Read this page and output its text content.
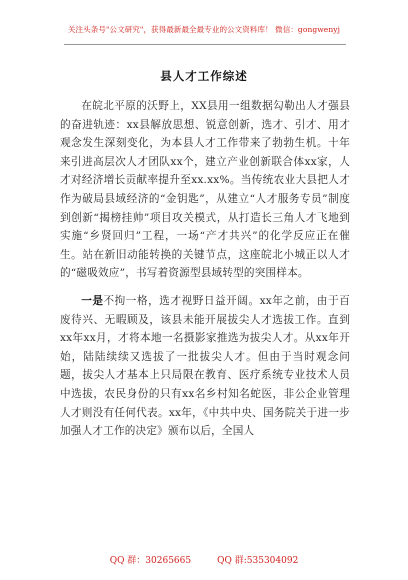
关注头条号"公文研究"，获得最新最全最专业的公文资料库！ 微信：gongwenyj
县人才工作综述

在皖北平原的沃野上，XX县用一组数据勾勒出人才强县的奋进轨迹：xx县解放思想、锐意创新，选才、引才、用才观念发生深刻变化，为本县人才工作带来了勃勃生机。十年来引进高层次人才团队xx个，建立产业创新联合体xx家，人才对经济增长贡献率提升至xx.xx%。当传统农业大县把人才作为破局县域经济的“金钥匙”，从建立“人才服务专员”制度到创新“揭榜挂帅”项目攻关模式，从打造长三角人才飞地到实施“乡贤回归”工程，一场“产才共兴”的化学反应正在催生。站在新旧动能转换的关键节点，这座皖北小城正以人才的“磁吸效应”，书写着资源型县域转型的突围样本。

一是不拘一格，选才视野日益开阔。xx年之前，由于百废待兴、无暇顾及，该县未能开展拔尖人才选拔工作。直到xx年xx月，才将本地一名摄影家推选为拔尖人才。从xx年开始，陆陆续续又选拔了一批拔尖人才。但由于当时观念问题，拔尖人才基本上只局限在教育、医疗系统专业技术人员中选拔，农民身份的只有xx名乡村知名蛇医，非公企业管理人才则没有任何代表。xx年，《中共中央、国务院关于进一步加强人才工作的决定》颁布以后，全国人

QQ 群：30265665	QQ 群:535304092
